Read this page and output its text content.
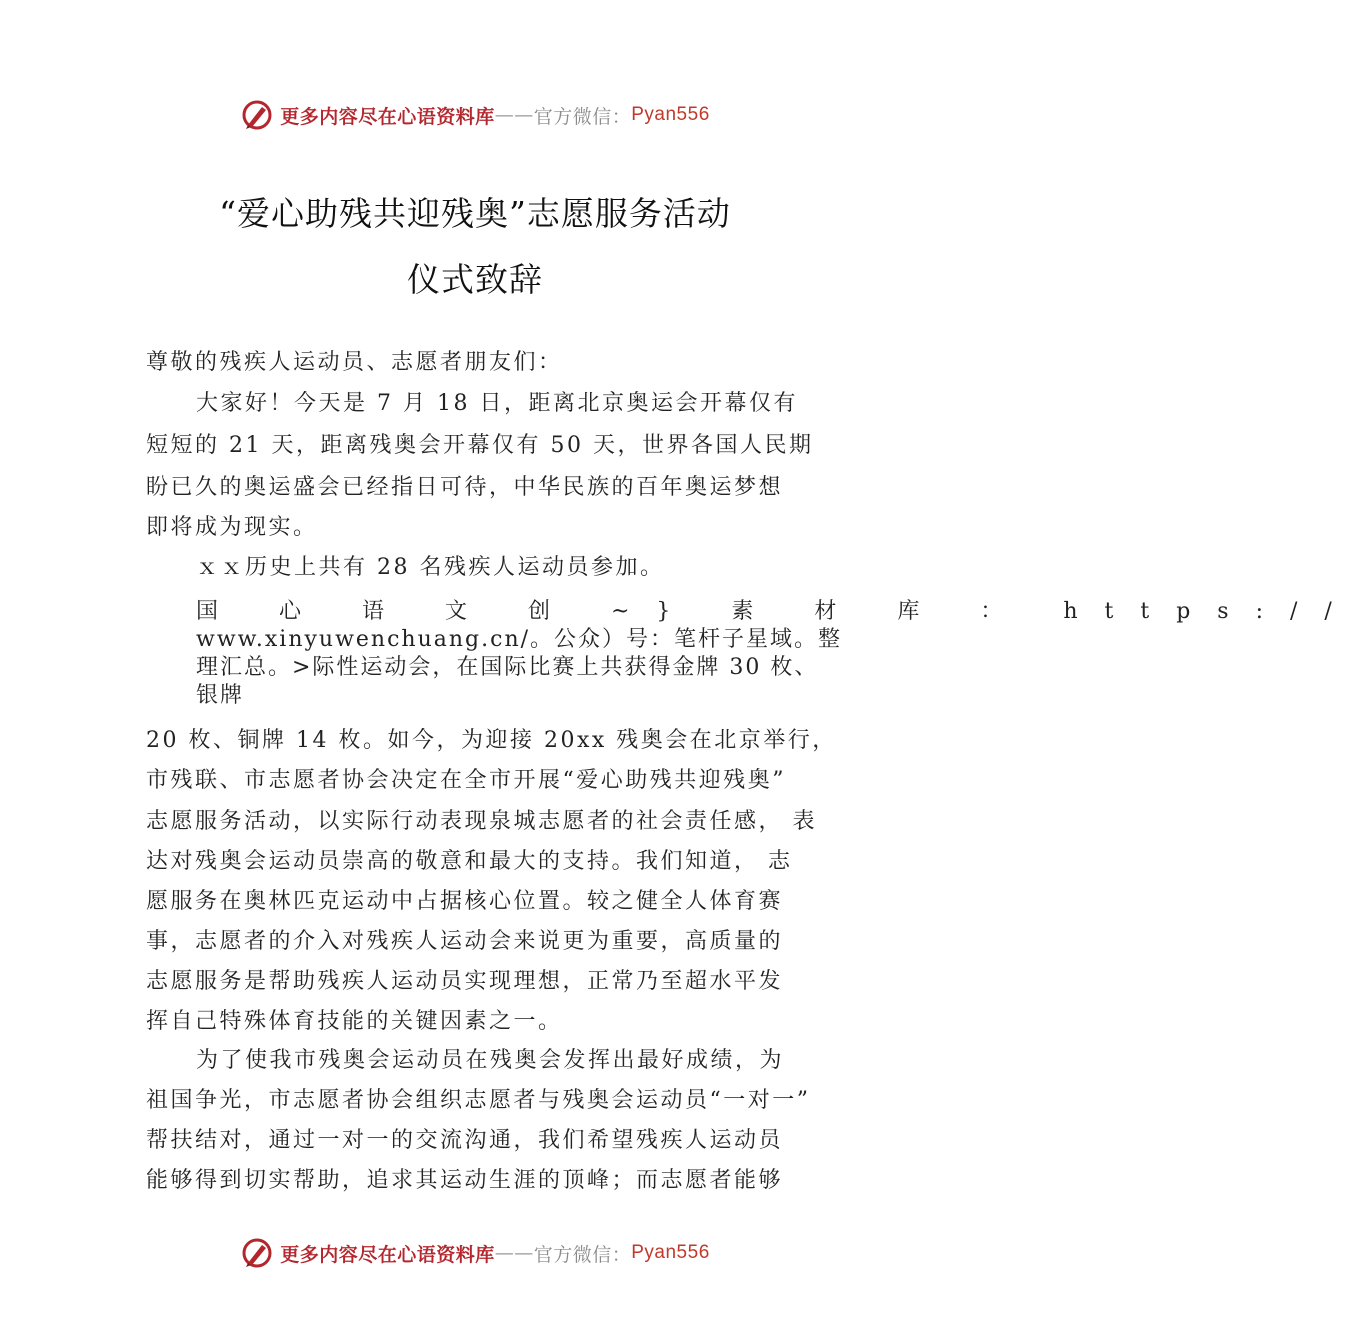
更多内容尽在心语资料库 —— 官方微信： Pyan556
“爱心助残共迎残奥”志愿服务活动
仪式致辞
尊敬的残疾人运动员、志愿者朋友们：
大家好！今天是 7 月 18 日，距离北京奥运会开幕仅有
短短的 21 天，距离残奥会开幕仅有 50 天，世界各国人民期
盼已久的奥运盛会已经指日可待，中华民族的百年奥运梦想
即将成为现实。
ｘｘ历史上共有 28 名残疾人运动员参加。
国 心 语 文 创 ~} 素 材 库 ： https://
www.xinyuwenchuang.cn/。公众）号：笔杆子星域。整
理汇总。>际性运动会，在国际比赛上共获得金牌 30 枚、
银牌
20 枚、铜牌 14 枚。如今，为迎接 20xx 残奥会在北京举行，
市残联、市志愿者协会决定在全市开展“爱心助残共迎残奥”
志愿服务活动，以实际行动表现泉城志愿者的社会责任感， 表
达对残奥会运动员崇高的敬意和最大的支持。我们知道， 志
愿服务在奥林匹克运动中占据核心位置。较之健全人体育赛
事，志愿者的介入对残疾人运动会来说更为重要，高质量的
志愿服务是帮助残疾人运动员实现理想，正常乃至超水平发
挥自己特殊体育技能的关键因素之一。
为了使我市残奥会运动员在残奥会发挥出最好成绩，为
祖国争光，市志愿者协会组织志愿者与残奥会运动员“一对一”
帮扶结对，通过一对一的交流沟通，我们希望残疾人运动员
能够得到切实帮助，追求其运动生涯的顶峰；而志愿者能够
更多内容尽在心语资料库 —— 官方微信： Pyan556
